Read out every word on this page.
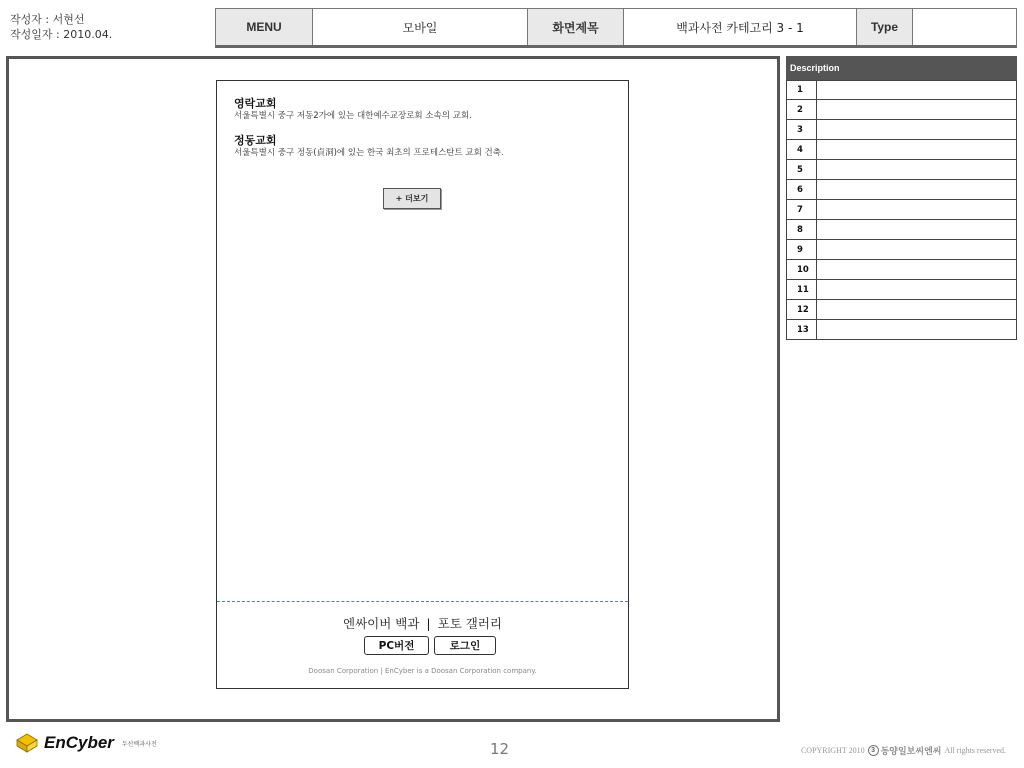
작성자 : 서현선
작성일자 : 2010.04.
MENU	모바일	화면제목	백과사전 카테고리 3 - 1	Type
영락교회
서울특별시 중구 저동2가에 있는 대한예수교장로회 소속의 교회.
정동교회
서울특별시 중구 정동(貞洞)에 있는 한국 최초의 프로테스탄트 교회 건축.
+ 더보기
엔싸이버 백과 | 포토 갤러리
PC버전	로그인
Doosan Corporation | EnCyber is a Doosan Corporation company.
Description
1
2
3
4
5
6
7
8
9
10
11
12
13
EnCyber 두산백과사전	12	COPYRIGHT 2010 3 동양일보씨엔씨 All rights reserved.
